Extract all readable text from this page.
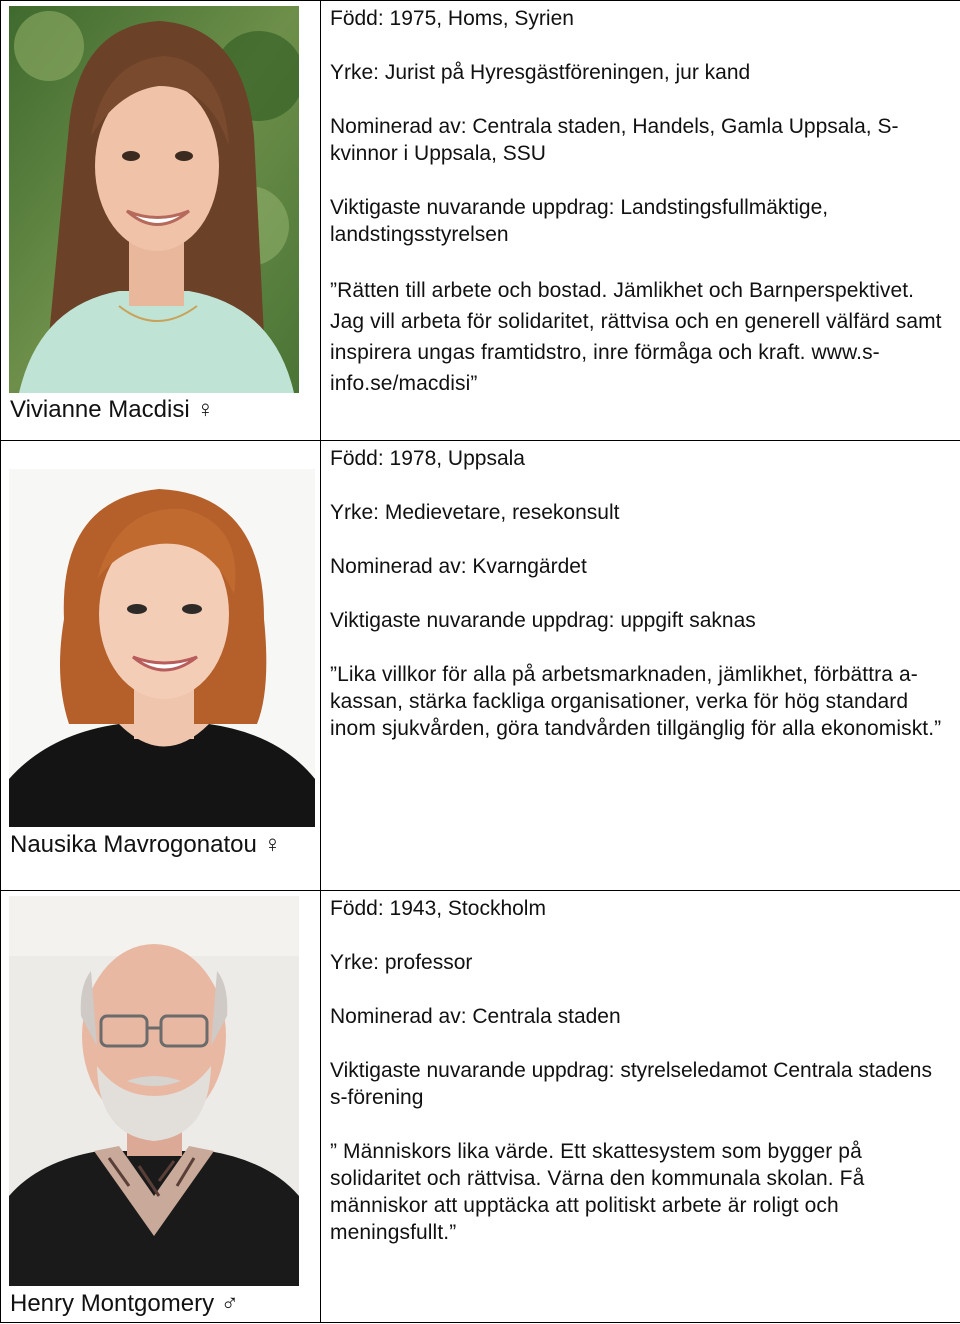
Vivianne Macdisi ♀	Född: 1975, Homs, Syrien

Yrke: Jurist på Hyresgästföreningen, jur kand

Nominerad av: Centrala staden, Handels, Gamla Uppsala, S-kvinnor i Uppsala, SSU

Viktigaste nuvarande uppdrag: Landstingsfullmäktige, landstingsstyrelsen

”Rätten till arbete och bostad. Jämlikhet och Barnperspektivet. Jag vill arbeta för solidaritet, rättvisa och en generell välfärd samt inspirera ungas framtidstro, inre förmåga och kraft. www.s-info.se/macdisi”

Nausika Mavrogonatou ♀	Född: 1978, Uppsala

Yrke: Medievetare, resekonsult

Nominerad av: Kvarngärdet

Viktigaste nuvarande uppdrag: uppgift saknas

”Lika villkor för alla på arbetsmarknaden, jämlikhet, förbättra a-kassan, stärka fackliga organisationer, verka för hög standard inom sjukvården, göra tandvården tillgänglig för alla ekonomiskt.”

Henry Montgomery ♂	Född: 1943, Stockholm

Yrke: professor

Nominerad av: Centrala staden

Viktigaste nuvarande uppdrag: styrelseledamot Centrala stadens s-förening

” Människors lika värde. Ett skattesystem som bygger på solidaritet och rättvisa. Värna den kommunala skolan. Få människor att upptäcka att politiskt arbete är roligt och meningsfullt.”
